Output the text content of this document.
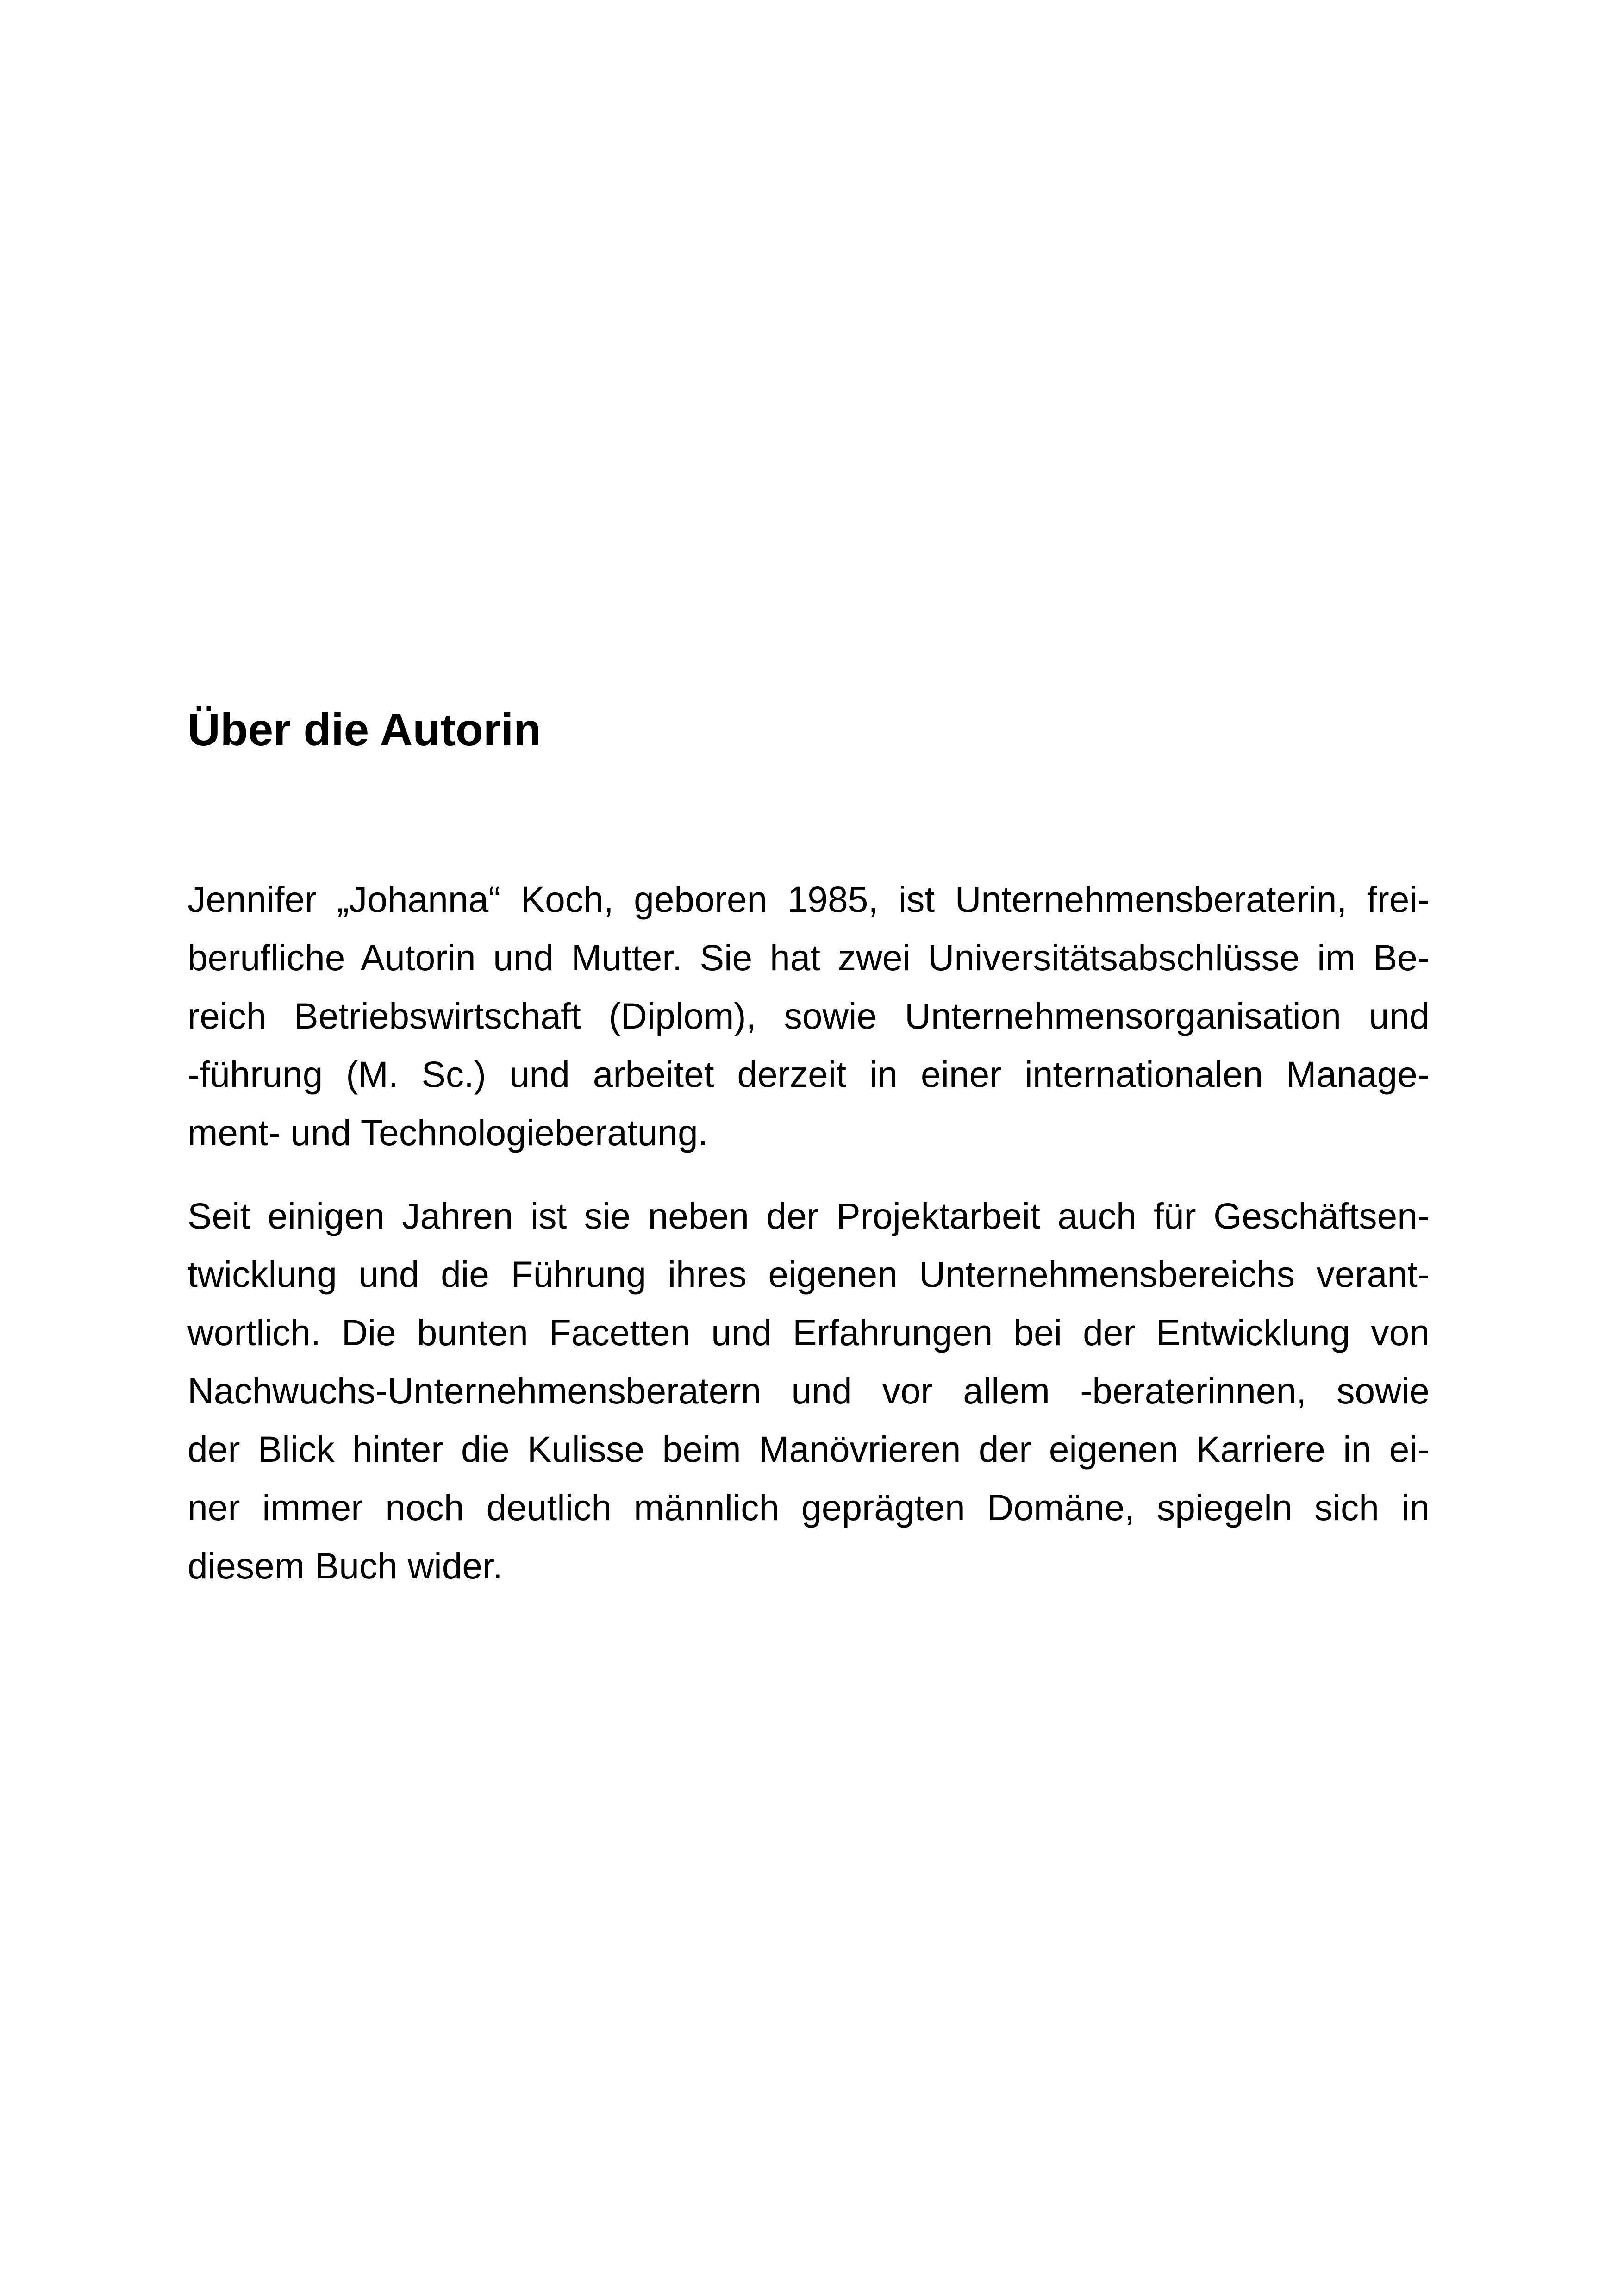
Über die Autorin

Jennifer „Johanna“ Koch, geboren 1985, ist Unternehmensberaterin, frei-
berufliche Autorin und Mutter. Sie hat zwei Universitätsabschlüsse im Be-
reich Betriebswirtschaft (Diplom), sowie Unternehmensorganisation und
-führung (M. Sc.) und arbeitet derzeit in einer internationalen Manage-
ment- und Technologieberatung.

Seit einigen Jahren ist sie neben der Projektarbeit auch für Geschäftsen-
twicklung und die Führung ihres eigenen Unternehmensbereichs verant-
wortlich. Die bunten Facetten und Erfahrungen bei der Entwicklung von
Nachwuchs-Unternehmensberatern und vor allem -beraterinnen, sowie
der Blick hinter die Kulisse beim Manövrieren der eigenen Karriere in ei-
ner immer noch deutlich männlich geprägten Domäne, spiegeln sich in
diesem Buch wider.
